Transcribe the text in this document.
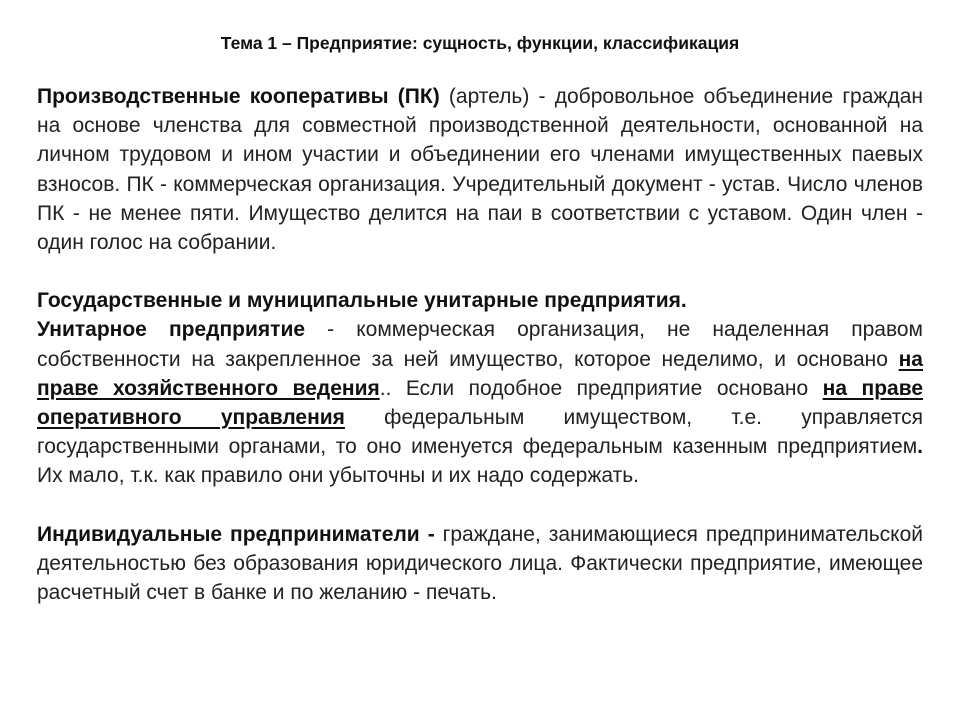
Тема 1 – Предприятие: сущность, функции, классификация

Производственные кооперативы (ПК) (артель) - добровольное объединение граждан на основе членства для совместной производственной деятельности, основанной на личном трудовом и ином участии и объединении его членами имущественных паевых взносов. ПК - коммерческая организация. Учредительный документ - устав. Число членов ПК - не менее пяти. Имущество делится на паи в соответствии с уставом. Один член - один голос на собрании.

Государственные и муниципальные унитарные предприятия.

Унитарное предприятие - коммерческая организация, не наделенная правом собственности на закрепленное за ней имущество, которое неделимо, и основано на праве хозяйственного ведения.. Если подобное предприятие основано на праве оперативного управления федеральным имуществом, т.е. управляется государственными органами, то оно именуется федеральным казенным предприятием. Их мало, т.к. как правило они убыточны и их надо содержать.

Индивидуальные предприниматели - граждане, занимающиеся предпринимательской деятельностью без образования юридического лица. Фактически предприятие, имеющее расчетный счет в банке и по желанию - печать.
